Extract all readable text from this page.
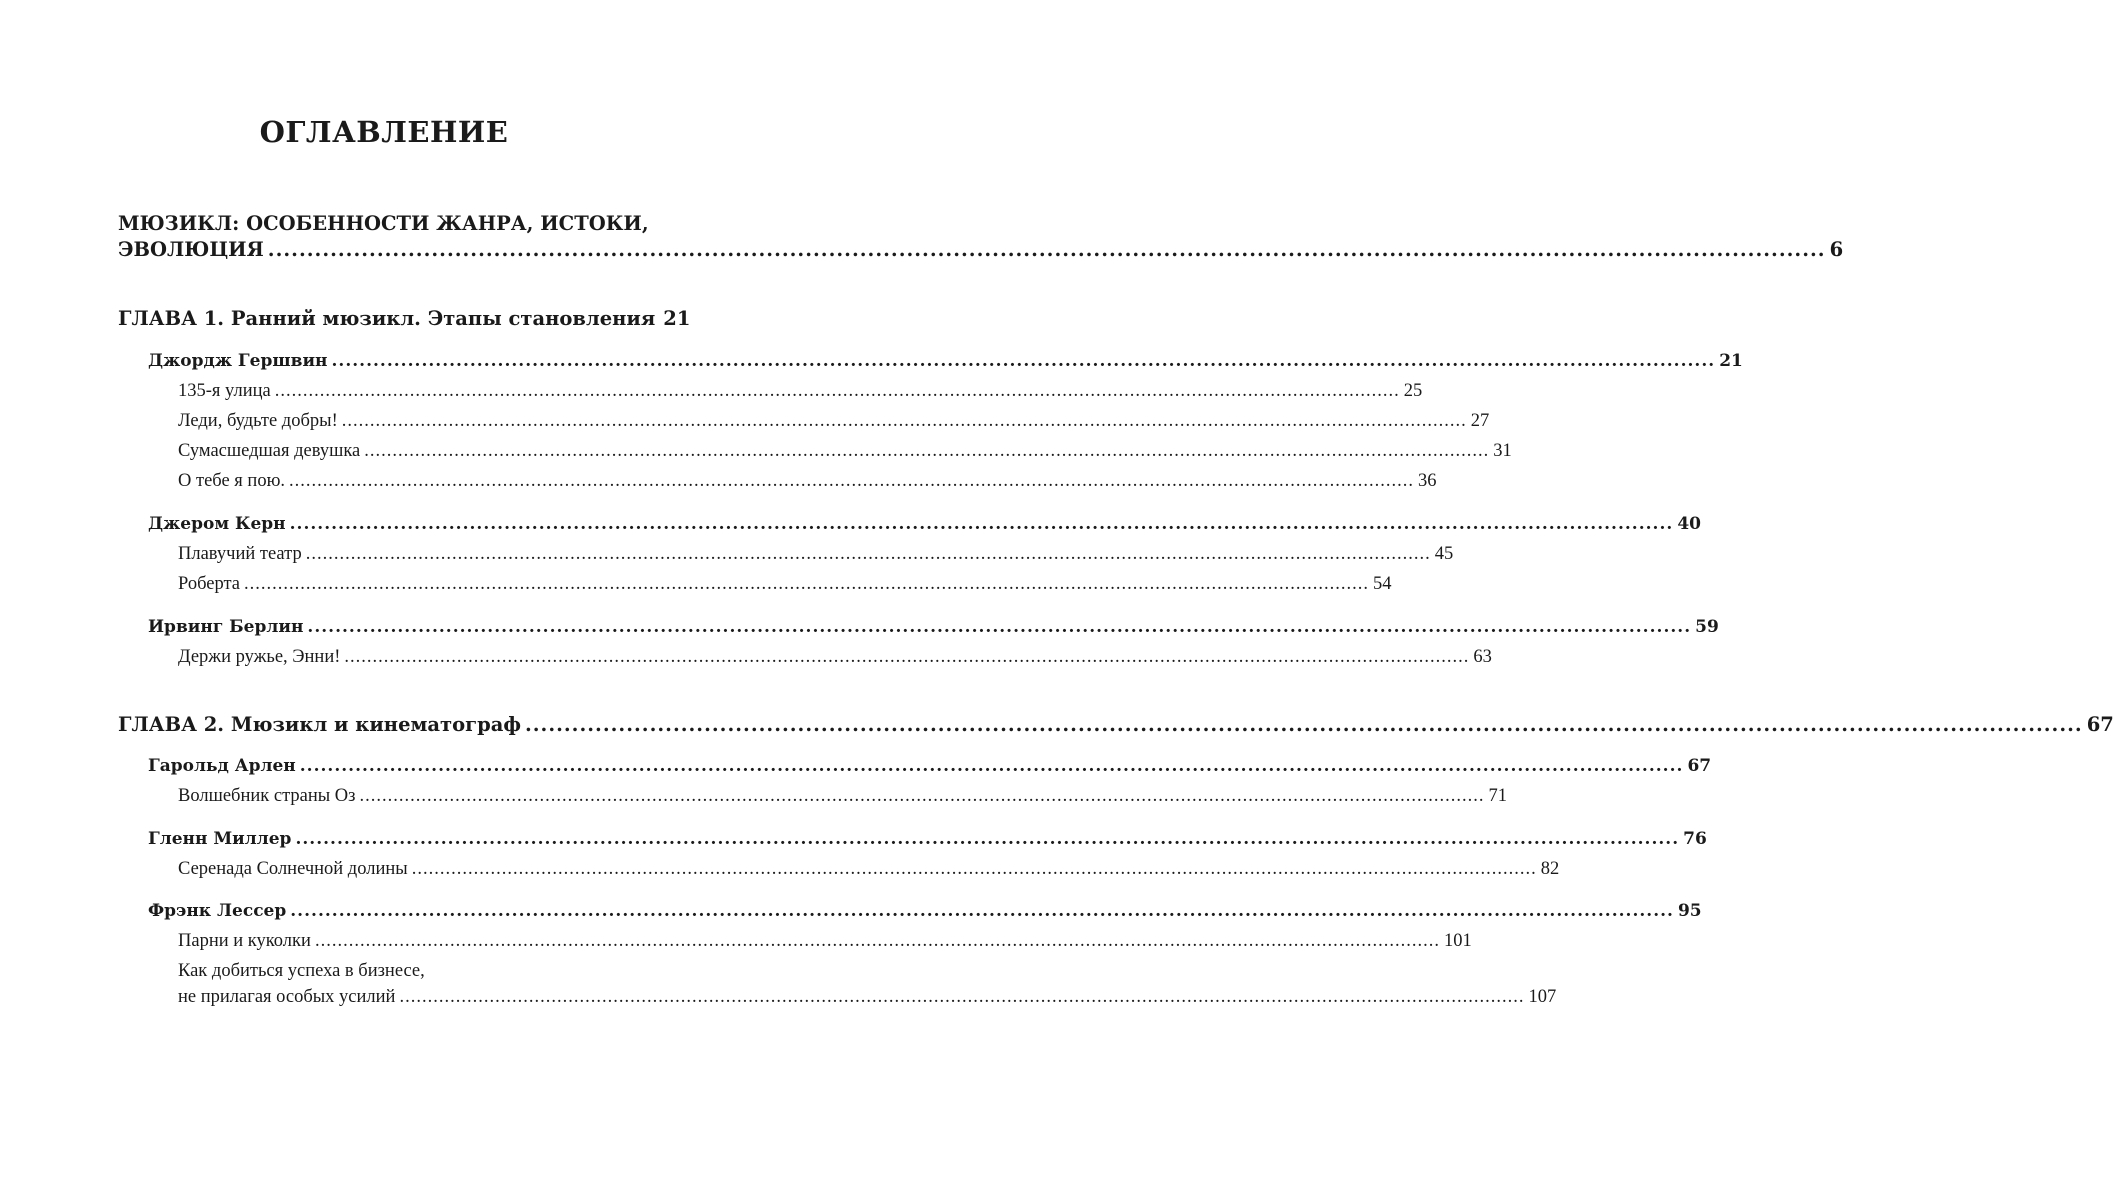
ОГЛАВЛЕНИЕ
МЮЗИКЛ: ОСОБЕННОСТИ ЖАНРА, ИСТОКИ,
ЭВОЛЮЦИЯ .....	6
ГЛАВА 1. Ранний мюзикл. Этапы становления 21
Джордж Гершвин .....	21
135-я улица .....	25
Леди, будьте добры! .....	27
Сумасшедшая девушка .....	31
О тебе я пою. .....	36
Джером Керн .....	40
Плавучий театр .....	45
Роберта .....	54
Ирвинг Берлин .....	59
Держи ружье, Энни! .....	63
ГЛАВА 2. Мюзикл и кинематограф .....	67
Гарольд Арлен .....	67
Волшебник страны Оз .....	71
Гленн Миллер .....	76
Серенада Солнечной долины .....	82
Фрэнк Лессер .....	95
Парни и куколки .....	101
Как добиться успеха в бизнесе,
не прилагая особых усилий .....	107
